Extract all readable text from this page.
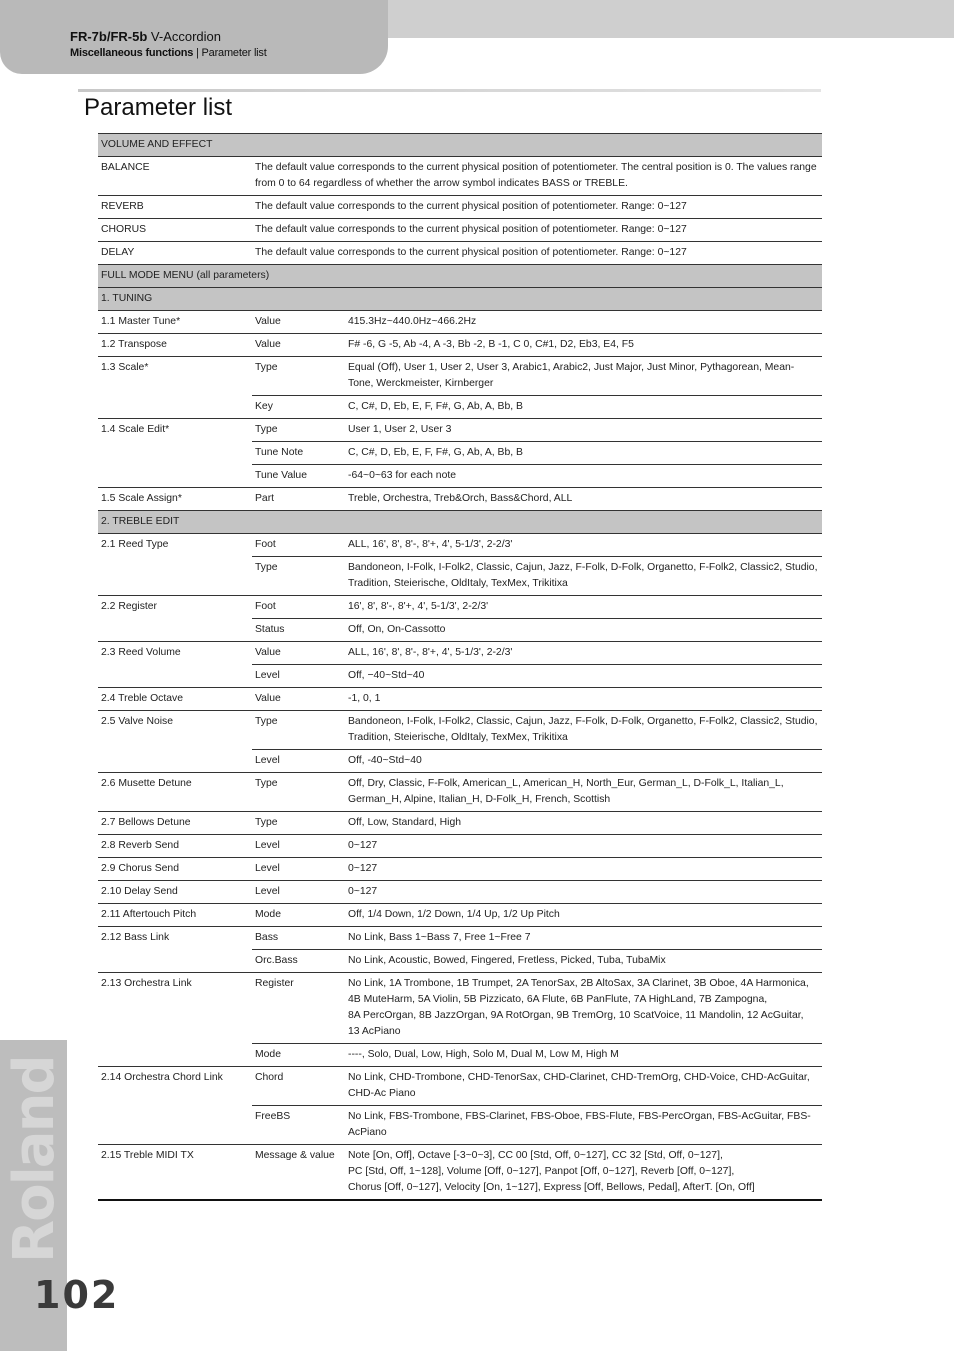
FR-7b/FR-5b V-Accordion
Miscellaneous functions | Parameter list
Parameter list
Roland
102
VOLUME AND EFFECT		
BALANCE	The default value corresponds to the current physical position of potentiometer. The central position is 0. The values range from 0 to 64 regardless of whether the arrow symbol indicates BASS or TREBLE.	
REVERB	The default value corresponds to the current physical position of potentiometer. Range: 0~127	
CHORUS	The default value corresponds to the current physical position of potentiometer. Range: 0~127	
DELAY	The default value corresponds to the current physical position of potentiometer. Range: 0~127	
FULL MODE MENU (all parameters)		
1. TUNING		
1.1 Master Tune*	Value	415.3Hz~440.0Hz~466.2Hz
1.2 Transpose	Value	F# -6, G -5, Ab -4, A -3, Bb -2, B -1, C 0, C#1, D2, Eb3, E4, F5
1.3 Scale*	Type	Equal (Off), User 1, User 2, User 3, Arabic1, Arabic2, Just Major, Just Minor, Pythagorean, Mean-Tone, Werckmeister, Kirnberger
	Key	C, C#, D, Eb, E, F, F#, G, Ab, A, Bb, B
1.4 Scale Edit*	Type	User 1, User 2, User 3
	Tune Note	C, C#, D, Eb, E, F, F#, G, Ab, A, Bb, B
	Tune Value	-64~0~63 for each note
1.5 Scale Assign*	Part	Treble, Orchestra, Treb&Orch, Bass&Chord, ALL
2. TREBLE EDIT		
2.1 Reed Type	Foot	ALL, 16', 8', 8'-, 8'+, 4', 5-1/3', 2-2/3'
	Type	Bandoneon, I-Folk, I-Folk2, Classic, Cajun, Jazz, F-Folk, D-Folk, Organetto, F-Folk2, Classic2, Studio, Tradition, Steierische, OldItaly, TexMex, Trikitixa
2.2 Register	Foot	16', 8', 8'-, 8'+, 4', 5-1/3', 2-2/3'
	Status	Off, On, On-Cassotto
2.3 Reed Volume	Value	ALL, 16', 8', 8'-, 8'+, 4', 5-1/3', 2-2/3'
	Level	Off, −40~Std~40
2.4 Treble Octave	Value	-1, 0, 1
2.5 Valve Noise	Type	Bandoneon, I-Folk, I-Folk2, Classic, Cajun, Jazz, F-Folk, D-Folk, Organetto, F-Folk2, Classic2, Studio, Tradition, Steierische, OldItaly, TexMex, Trikitixa
	Level	Off, -40~Std~40
2.6 Musette Detune	Type	Off, Dry, Classic, F-Folk, American_L, American_H, North_Eur, German_L, D-Folk_L, Italian_L, German_H, Alpine, Italian_H, D-Folk_H, French, Scottish
2.7 Bellows Detune	Type	Off, Low, Standard, High
2.8 Reverb Send	Level	0~127
2.9 Chorus Send	Level	0~127
2.10 Delay Send	Level	0~127
2.11 Aftertouch Pitch	Mode	Off, 1/4 Down, 1/2 Down, 1/4 Up, 1/2 Up Pitch
2.12 Bass Link	Bass	No Link, Bass 1~Bass 7, Free 1~Free 7
	Orc.Bass	No Link, Acoustic, Bowed, Fingered, Fretless, Picked, Tuba, TubaMix
2.13 Orchestra Link	Register	No Link, 1A Trombone, 1B Trumpet, 2A TenorSax, 2B AltoSax, 3A Clarinet, 3B Oboe, 4A Harmonica,
4B MuteHarm, 5A Violin, 5B Pizzicato, 6A Flute, 6B PanFlute, 7A HighLand, 7B Zampogna,
8A PercOrgan, 8B JazzOrgan, 9A RotOrgan, 9B TremOrg, 10 ScatVoice, 11 Mandolin, 12 AcGuitar,
13 AcPiano

	Mode	----, Solo, Dual, Low, High, Solo M, Dual M, Low M, High M
2.14 Orchestra Chord Link	Chord	No Link, CHD-Trombone, CHD-TenorSax, CHD-Clarinet, CHD-TremOrg, CHD-Voice, CHD-AcGuitar, CHD-Ac Piano
	FreeBS	No Link, FBS-Trombone, FBS-Clarinet, FBS-Oboe, FBS-Flute, FBS-PercOrgan, FBS-AcGuitar, FBS-AcPiano
2.15 Treble MIDI TX	Message & value	Note [On, Off], Octave [-3~0~3], CC 00 [Std, Off, 0~127], CC 32 [Std, Off, 0~127],
PC [Std, Off, 1~128], Volume [Off, 0~127], Panpot [Off, 0~127], Reverb [Off, 0~127],
Chorus [Off, 0~127], Velocity [On, 1~127], Express [Off, Bellows, Pedal], AfterT. [On, Off]
